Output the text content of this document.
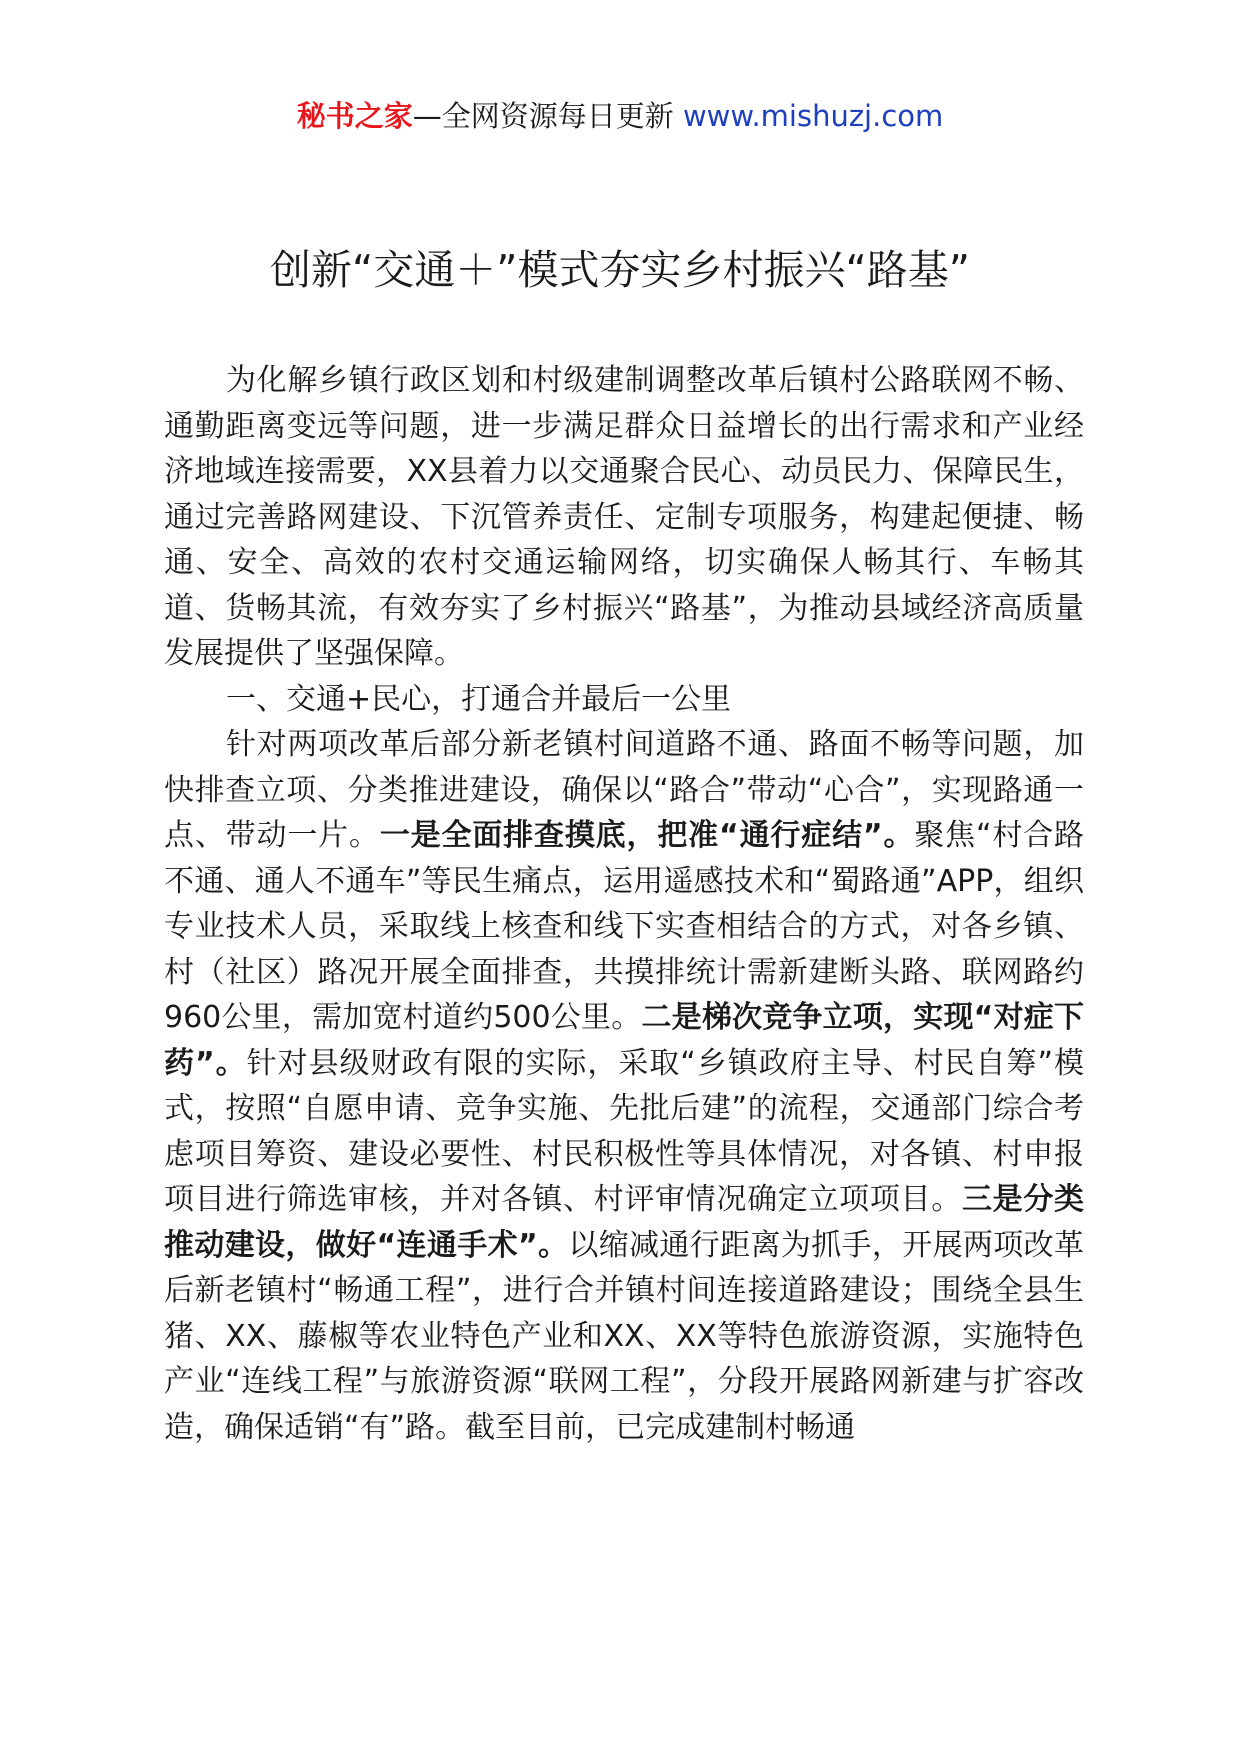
秘书之家—全网资源每日更新 www.mishuzj.com
创新“交通＋”模式夯实乡村振兴“路基”

为化解乡镇行政区划和村级建制调整改革后镇村公路联网不畅、通勤距离变远等问题，进一步满足群众日益增长的出行需求和产业经济地域连接需要，XX县着力以交通聚合民心、动员民力、保障民生，通过完善路网建设、下沉管养责任、定制专项服务，构建起便捷、畅通、安全、高效的农村交通运输网络，切实确保人畅其行、车畅其道、货畅其流，有效夯实了乡村振兴“路基”，为推动县域经济高质量发展提供了坚强保障。

一、交通+民心，打通合并最后一公里

针对两项改革后部分新老镇村间道路不通、路面不畅等问题，加快排查立项、分类推进建设，确保以“路合”带动“心合”，实现路通一点、带动一片。一是全面排查摸底，把准“通行症结”。聚焦“村合路不通、通人不通车”等民生痛点，运用遥感技术和“蜀路通”APP，组织专业技术人员，采取线上核查和线下实查相结合的方式，对各乡镇、村（社区）路况开展全面排查，共摸排统计需新建断头路、联网路约960公里，需加宽村道约500公里。二是梯次竞争立项，实现“对症下药”。针对县级财政有限的实际，采取“乡镇政府主导、村民自筹”模式，按照“自愿申请、竞争实施、先批后建”的流程，交通部门综合考虑项目筹资、建设必要性、村民积极性等具体情况，对各镇、村申报项目进行筛选审核，并对各镇、村评审情况确定立项项目。三是分类推动建设，做好“连通手术”。以缩减通行距离为抓手，开展两项改革后新老镇村“畅通工程”，进行合并镇村间连接道路建设；围绕全县生猪、XX、藤椒等农业特色产业和XX、XX等特色旅游资源，实施特色产业“连线工程”与旅游资源“联网工程”，分段开展路网新建与扩容改造，确保适销“有”路。截至目前，已完成建制村畅通
